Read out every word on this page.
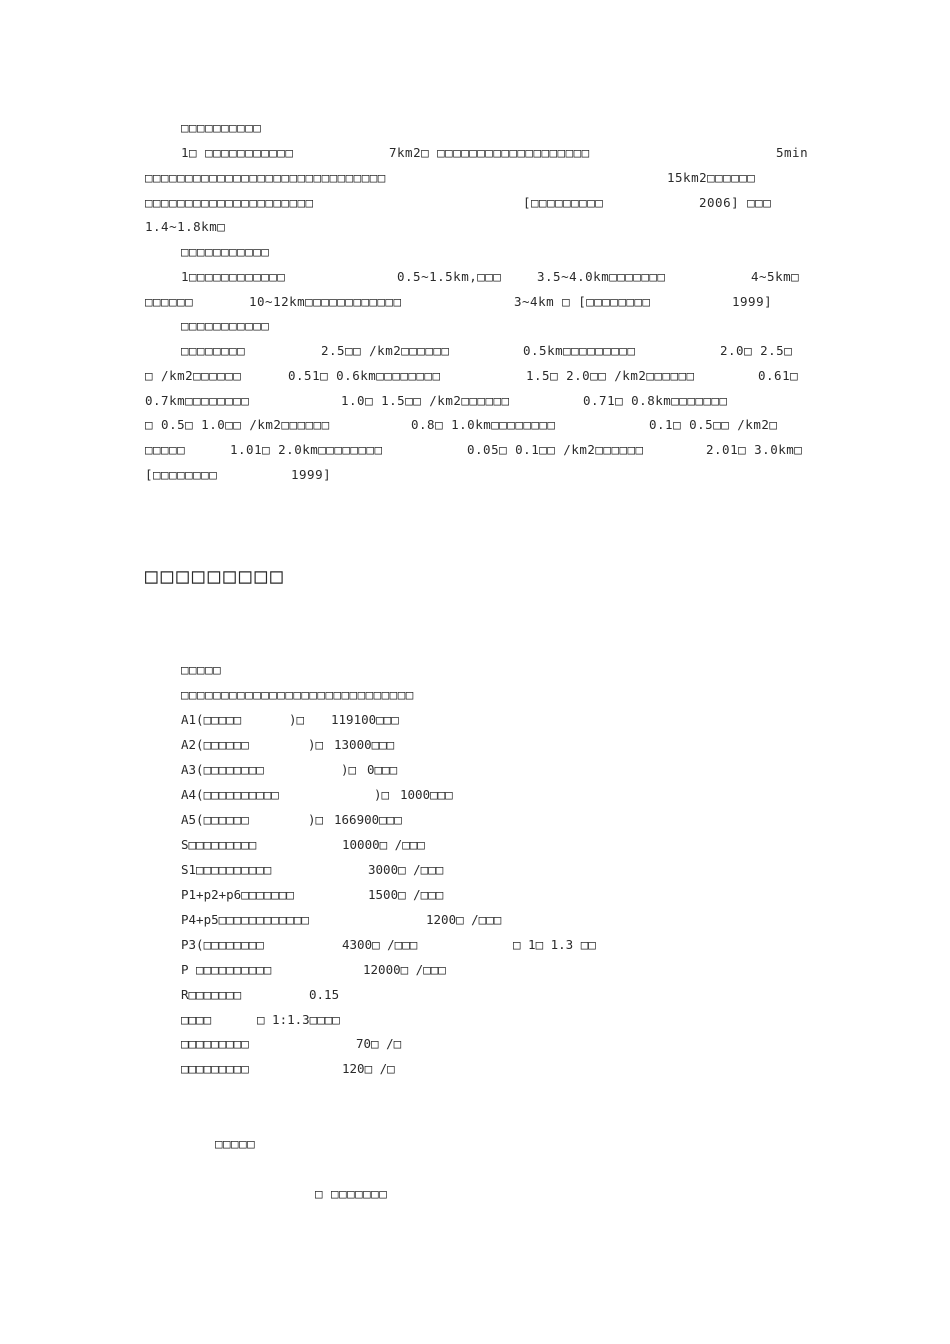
□□□□□□□□□□
1□ □□□□□□□□□□□	7km2□ □□□□□□□□□□□□□□□□□□□	5min
□□□□□□□□□□□□□□□□□□□□□□□□□□□□□□	15km2□□□□□□
□□□□□□□□□□□□□□□□□□□□□	[□□□□□□□□□	2006] □□□
1.4~1.8km□
□□□□□□□□□□□
1□□□□□□□□□□□□	0.5~1.5km,□□□	3.5~4.0km□□□□□□□	4~5km□
□□□□□□	10~12km□□□□□□□□□□□□	3~4km □ [□□□□□□□□	1999]
□□□□□□□□□□□
□□□□□□□□	2.5□□ /km2□□□□□□	0.5km□□□□□□□□□	2.0□ 2.5□
□ /km2□□□□□□	0.51□ 0.6km□□□□□□□□	1.5□ 2.0□□ /km2□□□□□□	0.61□
0.7km□□□□□□□□	1.0□ 1.5□□ /km2□□□□□□	0.71□ 0.8km□□□□□□□
□ 0.5□ 1.0□□ /km2□□□□□□	0.8□ 1.0km□□□□□□□□	0.1□ 0.5□□ /km2□
□□□□□	1.01□ 2.0km□□□□□□□□	0.05□ 0.1□□ /km2□□□□□□	2.01□ 3.0km□
[□□□□□□□□	1999]
□□□□□□□□□
□□□□□
□□□□□□□□□□□□□□□□□□□□□□□□□□□□□
A1(□□□□□	)□ 119100□□□
A2(□□□□□□	)□ 13000□□□
A3(□□□□□□□□	)□ 0□□□
A4(□□□□□□□□□□	)□ 1000□□□
A5(□□□□□□	)□ 166900□□□
S□□□□□□□□□	10000□ /□□□
S1□□□□□□□□□□	3000□ /□□□
P1+p2+p6□□□□□□□	1500□ /□□□
P4+p5□□□□□□□□□□□□	1200□ /□□□
P3(□□□□□□□□	4300□ /□□□	□ 1□ 1.3 □□
P □□□□□□□□□□	12000□ /□□□
R□□□□□□□	0.15
□□□□	□ 1:1.3□□□□
□□□□□□□□□	70□ /□
□□□□□□□□□	120□ /□
□□□□□
□ □□□□□□□
